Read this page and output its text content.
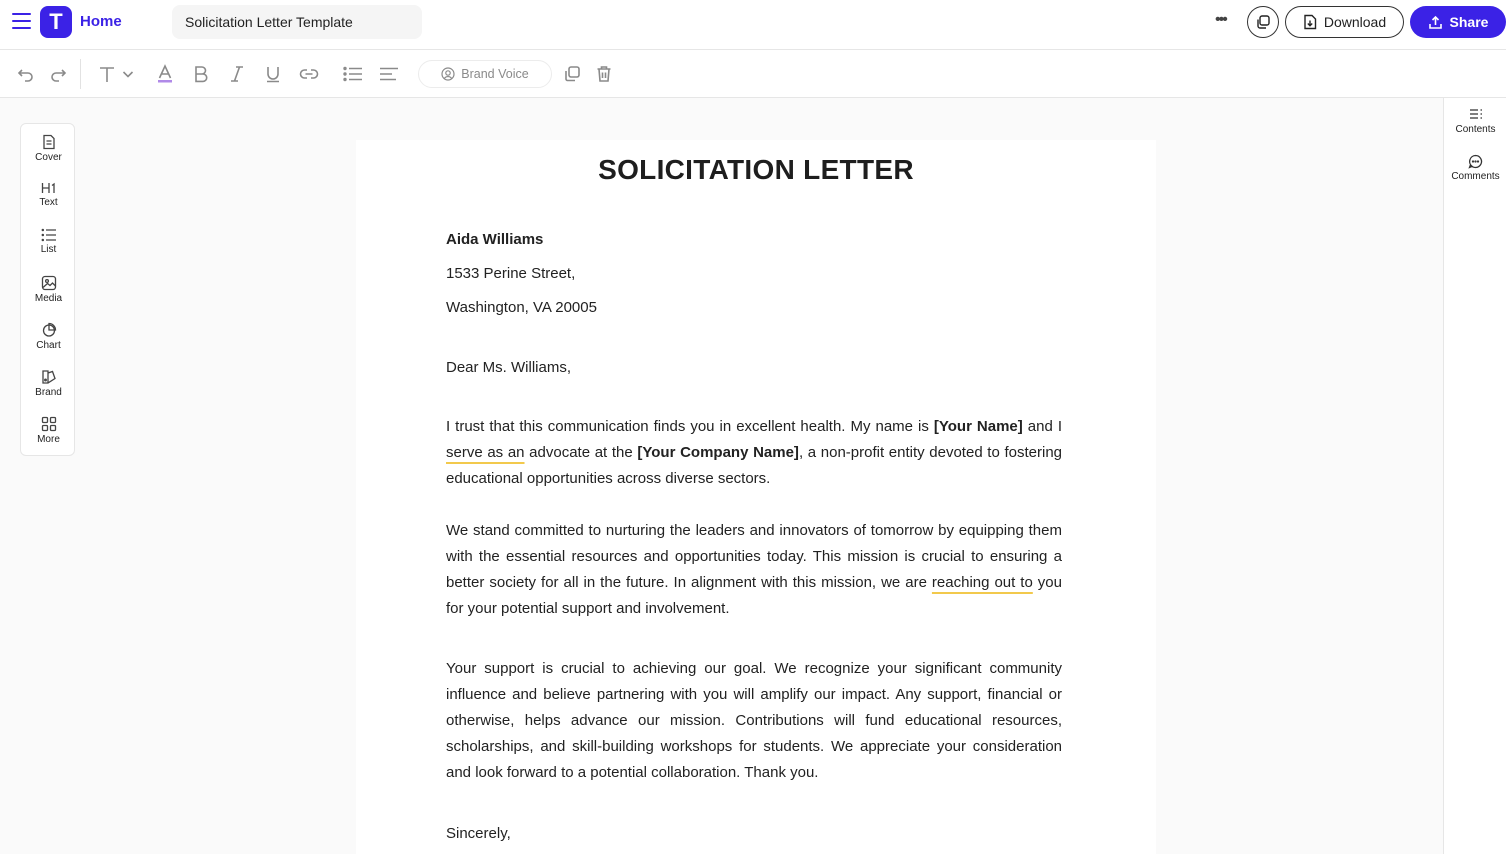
T	Home	Solicitation Letter Template	•••	Download	Share
Brand Voice
Cover
Text
List
Media
Chart
Brand
More
Contents
Comments
SOLICITATION LETTER
Aida Williams
1533 Perine Street,
Washington, VA 20005
Dear Ms. Williams,
I trust that this communication finds you in excellent health. My name is [Your Name] and I serve as an advocate at the [Your Company Name], a non-profit entity devoted to fostering educational opportunities across diverse sectors.
We stand committed to nurturing the leaders and innovators of tomorrow by equipping them with the essential resources and opportunities today. This mission is crucial to ensuring a better society for all in the future. In alignment with this mission, we are reaching out to you for your potential support and involvement.
Your support is crucial to achieving our goal. We recognize your significant community influence and believe partnering with you will amplify our impact. Any support, financial or otherwise, helps advance our mission. Contributions will fund educational resources, scholarships, and skill-building workshops for students. We appreciate your consideration and look forward to a potential collaboration. Thank you.
Sincerely,
